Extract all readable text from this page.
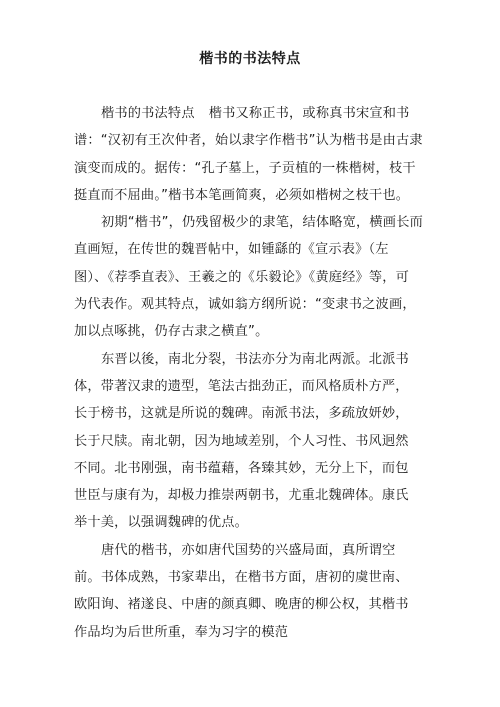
楷书的书法特点
楷书的书法特点 楷书又称正书，或称真书宋宣和书
谱：“汉初有王次仲者，始以隶字作楷书”认为楷书是由古隶
演变而成的。据传：“孔子墓上，子贡植的一株楷树，枝干
挺直而不屈曲。”楷书本笔画简爽，必须如楷树之枝干也。
初期“楷书”，仍残留极少的隶笔，结体略宽，横画长而
直画短，在传世的魏晋帖中，如锺繇的《宣示表》（左
图）、《荐季直表》、王羲之的《乐毅论》《黄庭经》等，可
为代表作。观其特点，诚如翁方纲所说：“变隶书之波画，
加以点啄挑，仍存古隶之横直”。
东晋以後，南北分裂，书法亦分为南北两派。北派书
体，带著汉隶的遗型，笔法古拙劲正，而风格质朴方严，
长于榜书，这就是所说的魏碑。南派书法，多疏放妍妙，
长于尺牍。南北朝，因为地域差别，个人习性、书风迥然
不同。北书刚强，南书蕴藉，各臻其妙，无分上下，而包
世臣与康有为，却极力推崇两朝书，尤重北魏碑体。康氏
举十美，以强调魏碑的优点。
唐代的楷书，亦如唐代国势的兴盛局面，真所谓空
前。书体成熟，书家辈出，在楷书方面，唐初的虞世南、
欧阳询、褚遂良、中唐的颜真卿、晚唐的柳公权，其楷书
作品均为后世所重，奉为习字的模范
